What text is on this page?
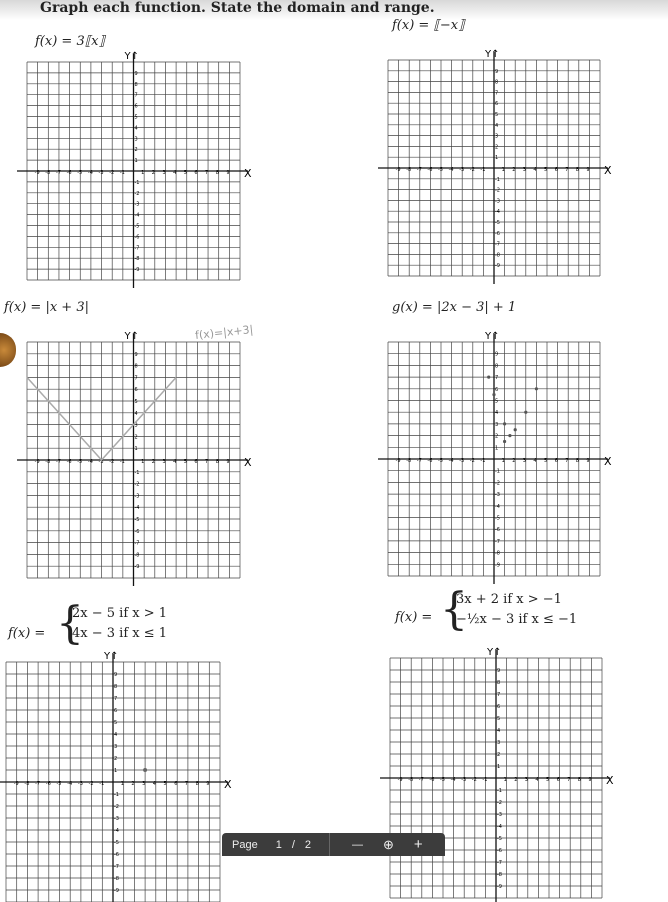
Graph each function. State the domain and range.
f(x) = 3⟦x⟧
f(x) = ⟦−x⟧
f(x) = |x + 3|	g(x) = |2x − 3| + 1
f(x) = {
2x − 5 if x > 1
4x − 3 if x ≤ 1
f(x) = {
3x + 2 if x > −1
−½x − 3 if x ≤ −1
X
Y↑
-9
-9
-8
-8
-7
-7
-6
-6
-5
-5
-4
-4
-3
-3
-2
-2
-1
-1
1
1
2
2
3
3
4
4
5
5
6
6
7
7
8
8
9
9
X
Y↑
-9
-9
-8
-8
-7
-7
-6
-6
-5
-5
-4
-4
-3
-3
-2
-2
-1
-1
1
1
2
2
3
3
4
4
5
5
6
6
7
7
8
8
9
9
X
Y↑
-9
-9
-8
-8
-7
-7
-6
-6
-5
-5
-4
-4
-3
-3
-2
-2
-1
-1
1
1
2
2
3
3
4
4
5
5
6
6
7
7
8
8
9
9
X
Y↑
-9
-9
-8
-8
-7
-7
-6
-6
-5
-5
-4
-4
-3
-3
-2
-2
-1
-1
1
1
2
2
3
3
4
4
5
5
6
6
7
7
8
8
9
9
X
Y↑
-9
-9
-8
-8
-7
-7
-6
-6
-5
-5
-4
-4
-3
-3
-2
-2
-1
-1
1
1
2
2
3
3
4
4
5
5
6
6
7
7
8
8
9
9
X
Y↑
-9
-9
-8
-8
-7
-7
-6
-6
-5
-5
-4
-4
-3
-3
-2
-2
-1
-1
1
1
2
2
3
3
4
4
5
5
6
6
7
7
8
8
9
9
f(x)=|x+3|
Page 1 / 2	— ⊕ +
